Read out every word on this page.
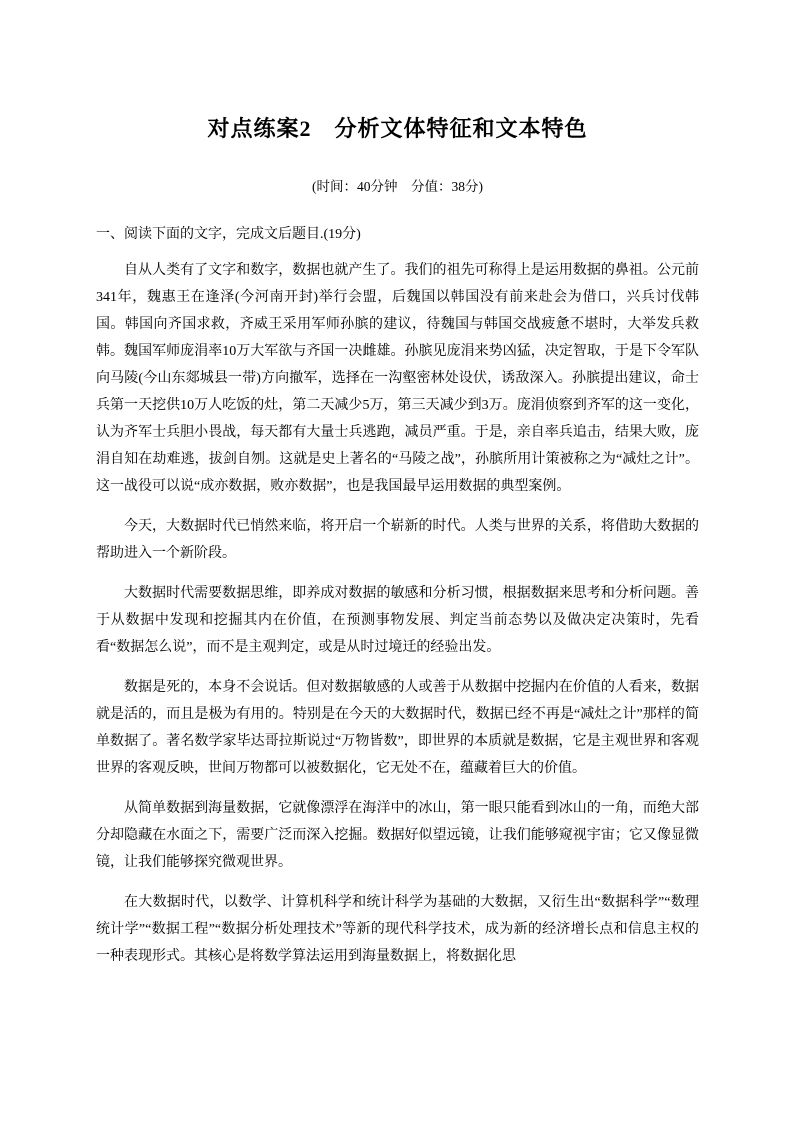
对点练案2　分析文体特征和文本特色
(时间：40分钟　分值：38分)
一、阅读下面的文字，完成文后题目.(19分)

自从人类有了文字和数字，数据也就产生了。我们的祖先可称得上是运用数据的鼻祖。公元前341年，魏惠王在逢泽(今河南开封)举行会盟，后魏国以韩国没有前来赴会为借口，兴兵讨伐韩国。韩国向齐国求救，齐威王采用军师孙膑的建议，待魏国与韩国交战疲惫不堪时，大举发兵救韩。魏国军师庞涓率10万大军欲与齐国一决雌雄。孙膑见庞涓来势凶猛，决定智取，于是下令军队向马陵(今山东郯城县一带)方向撤军，选择在一沟壑密林处设伏，诱敌深入。孙膑提出建议，命士兵第一天挖供10万人吃饭的灶，第二天减少5万，第三天减少到3万。庞涓侦察到齐军的这一变化，认为齐军士兵胆小畏战，每天都有大量士兵逃跑，减员严重。于是，亲自率兵追击，结果大败，庞涓自知在劫难逃，拔剑自刎。这就是史上著名的“马陵之战”，孙膑所用计策被称之为“减灶之计”。这一战役可以说“成亦数据，败亦数据”，也是我国最早运用数据的典型案例。

今天，大数据时代已悄然来临，将开启一个崭新的时代。人类与世界的关系，将借助大数据的帮助进入一个新阶段。

大数据时代需要数据思维，即养成对数据的敏感和分析习惯，根据数据来思考和分析问题。善于从数据中发现和挖掘其内在价值，在预测事物发展、判定当前态势以及做决定决策时，先看看“数据怎么说”，而不是主观判定，或是从时过境迁的经验出发。

数据是死的，本身不会说话。但对数据敏感的人或善于从数据中挖掘内在价值的人看来，数据就是活的，而且是极为有用的。特别是在今天的大数据时代，数据已经不再是“减灶之计”那样的简单数据了。著名数学家毕达哥拉斯说过“万物皆数”，即世界的本质就是数据，它是主观世界和客观世界的客观反映，世间万物都可以被数据化，它无处不在，蕴藏着巨大的价值。

从简单数据到海量数据，它就像漂浮在海洋中的冰山，第一眼只能看到冰山的一角，而绝大部分却隐藏在水面之下，需要广泛而深入挖掘。数据好似望远镜，让我们能够窥视宇宙；它又像显微镜，让我们能够探究微观世界。

在大数据时代，以数学、计算机科学和统计科学为基础的大数据，又衍生出“数据科学”“数理统计学”“数据工程”“数据分析处理技术”等新的现代科学技术，成为新的经济增长点和信息主权的一种表现形式。其核心是将数学算法运用到海量数据上，将数据化思
